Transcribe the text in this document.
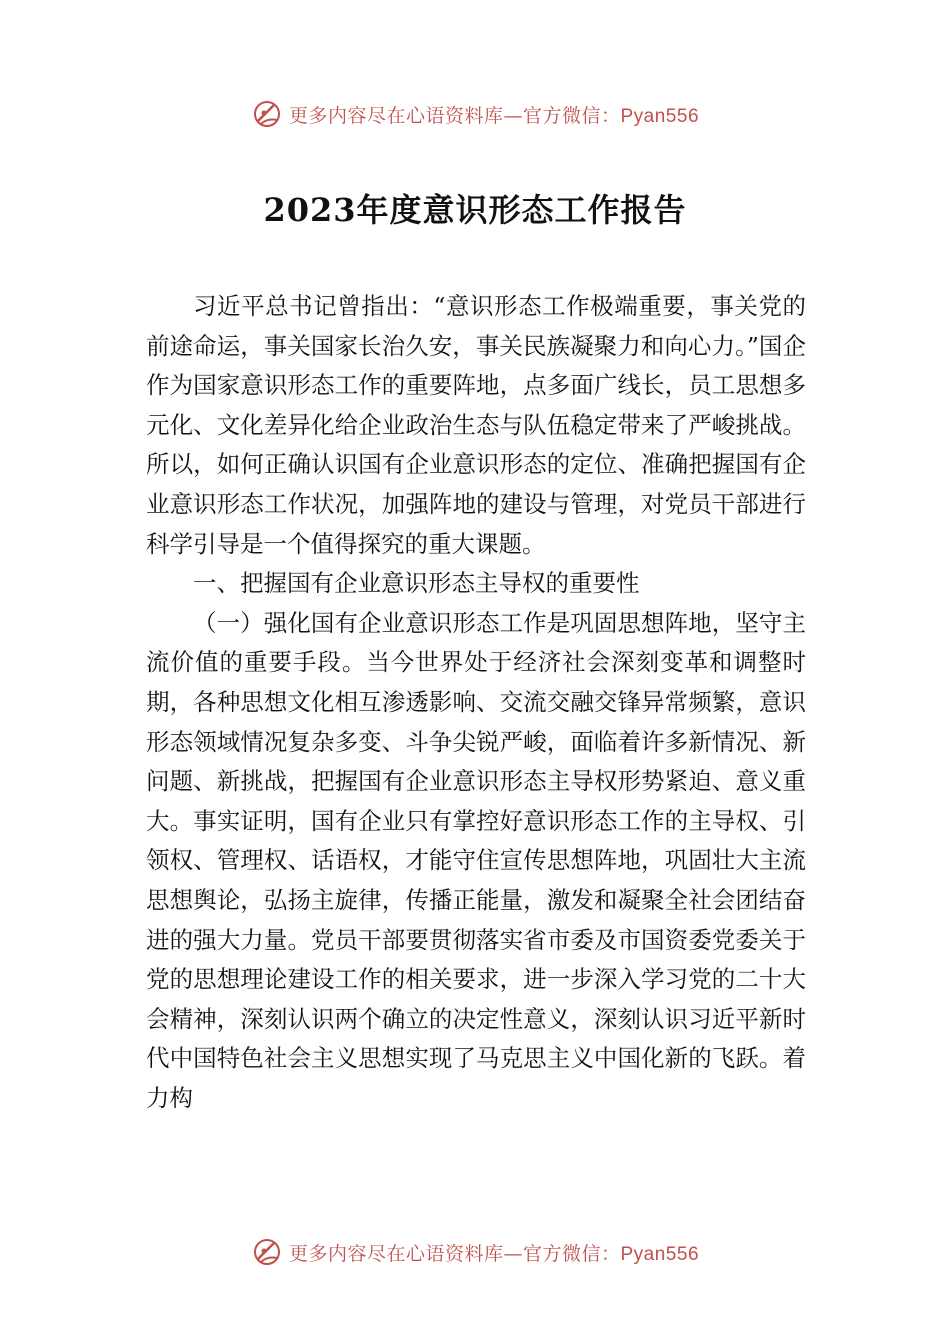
更多内容尽在心语资料库—官方微信：Pyan556
2023年度意识形态工作报告

习近平总书记曾指出：“意识形态工作极端重要，事关党的前途命运，事关国家长治久安，事关民族凝聚力和向心力。”国企作为国家意识形态工作的重要阵地，点多面广线长，员工思想多元化、文化差异化给企业政治生态与队伍稳定带来了严峻挑战。所以，如何正确认识国有企业意识形态的定位、准确把握国有企业意识形态工作状况，加强阵地的建设与管理，对党员干部进行科学引导是一个值得探究的重大课题。

一、把握国有企业意识形态主导权的重要性

（一）强化国有企业意识形态工作是巩固思想阵地，坚守主流价值的重要手段。当今世界处于经济社会深刻变革和调整时期，各种思想文化相互渗透影响、交流交融交锋异常频繁，意识形态领域情况复杂多变、斗争尖锐严峻，面临着许多新情况、新问题、新挑战，把握国有企业意识形态主导权形势紧迫、意义重大。事实证明，国有企业只有掌控好意识形态工作的主导权、引领权、管理权、话语权，才能守住宣传思想阵地，巩固壮大主流思想舆论，弘扬主旋律，传播正能量，激发和凝聚全社会团结奋进的强大力量。党员干部要贯彻落实省市委及市国资委党委关于党的思想理论建设工作的相关要求，进一步深入学习党的二十大会精神，深刻认识两个确立的决定性意义，深刻认识习近平新时代中国特色社会主义思想实现了马克思主义中国化新的飞跃。着力构

更多内容尽在心语资料库—官方微信：Pyan556
